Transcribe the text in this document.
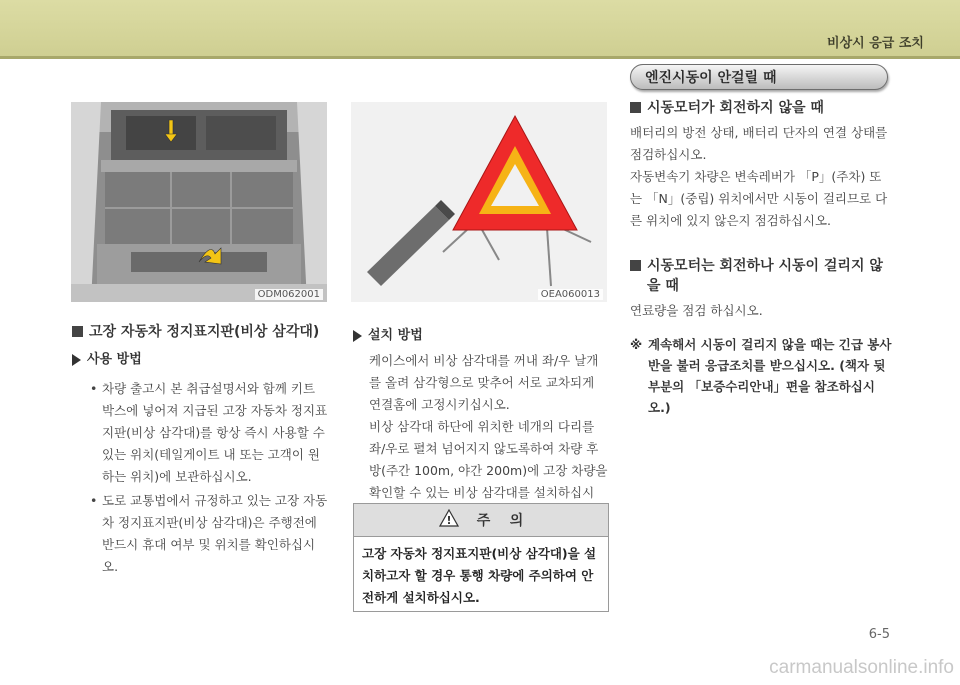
비상시 응급 조치
ODM062001	OEA060013
고장 자동차 정지표지판(비상 삼각대)
사용 방법
• 차량 출고시 본 취급설명서와 함께 키트 박스에 넣어져 지급된 고장 자동차 정지표지판(비상 삼각대)를 항상 즉시 사용할 수 있는 위치(테일게이트 내 또는 고객이 원하는 위치)에 보관하십시오.
• 도로 교통법에서 규정하고 있는 고장 자동차 정지표지판(비상 삼각대)은 주행전에 반드시 휴대 여부 및 위치를 확인하십시오.
설치 방법
케이스에서 비상 삼각대를 꺼내 좌/우 날개를 올려 삼각형으로 맞추어 서로 교차되게 연결홈에 고정시키십시오.
비상 삼각대 하단에 위치한 네개의 다리를 좌/우로 펼쳐 넘어지지 않도록하여 차량 후방(주간 100m, 야간 200m)에 고장 차량을 확인할 수 있는 비상 삼각대를 설치하십시
! 주    의
고장 자동차 정지표지판(비상 삼각대)을 설치하고자 할 경우 통행 차량에 주의하여 안전하게 설치하십시오.
엔진시동이 안걸릴 때
시동모터가 회전하지 않을 때
배터리의 방전 상태, 배터리 단자의 연결 상태를 점검하십시오.
자동변속기 차량은 변속레버가 「P」(주차) 또는 「N」(중립) 위치에서만 시동이 걸리므로 다른 위치에 있지 않은지 점검하십시오.
시동모터는 회전하나 시동이 걸리지 않을 때
연료량을 점검 하십시오.
※ 계속해서 시동이 걸리지 않을 때는 긴급 봉사반을 불러 응급조치를 받으십시오. (책자 뒷부분의 「보증수리안내」편을 참조하십시오.)
6-5
carmanualsonline.info
